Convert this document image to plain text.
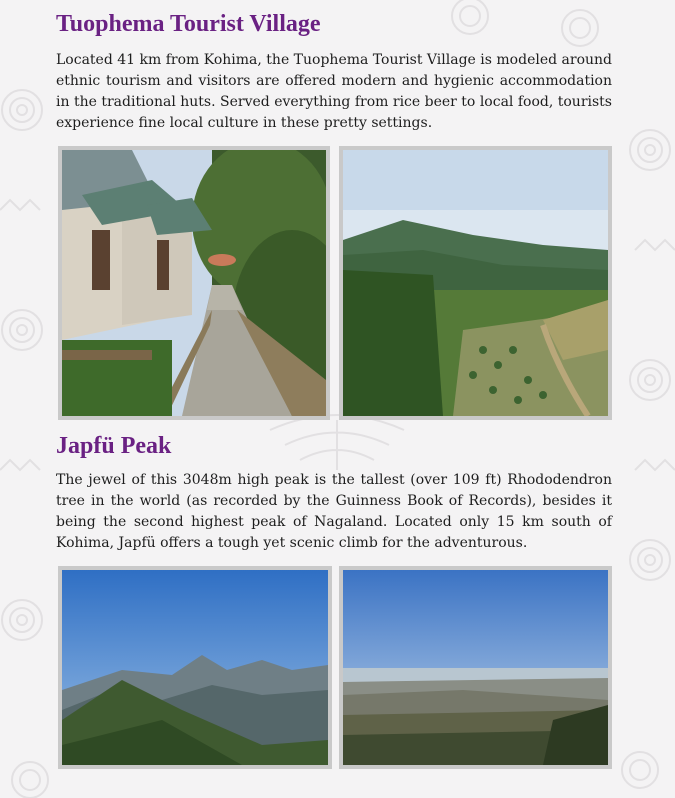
Tuophema Tourist Village

Located 41 km from Kohima, the Tuophema Tourist Village is modeled around ethnic tourism and visitors are offered modern and hygienic accommodation in the traditional huts. Served everything from rice beer to local food, tourists experience fine local culture in these pretty settings.

Japfü Peak

The jewel of this 3048m high peak is the tallest (over 109 ft) Rhododendron tree in the world (as recorded by the Guinness Book of Records), besides it being the second highest peak of Nagaland. Located only 15 km south of Kohima, Japfü offers a tough yet scenic climb for the adventurous.
